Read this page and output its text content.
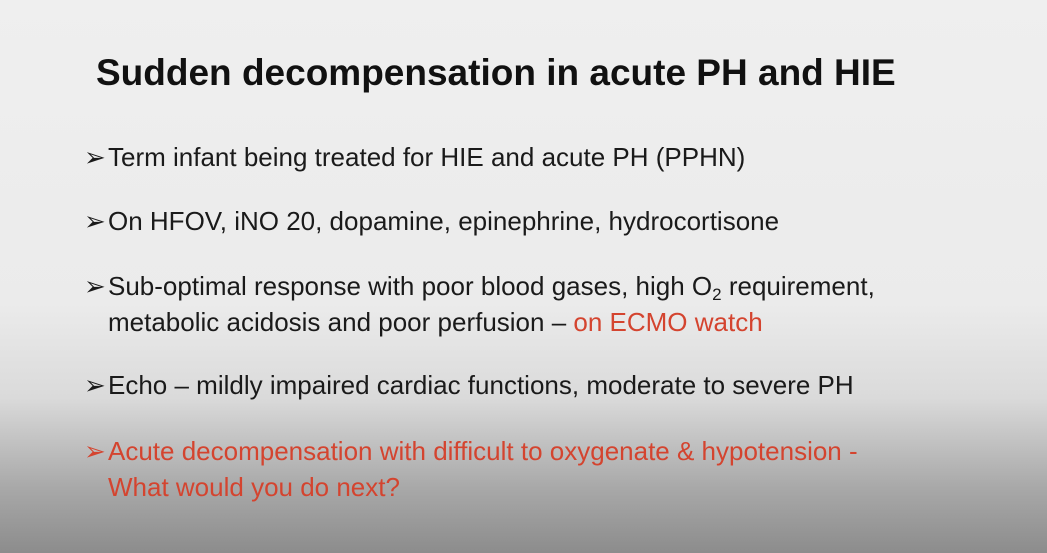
Sudden decompensation in acute PH and HIE
➢ Term infant being treated for HIE and acute PH (PPHN)
➢ On HFOV, iNO 20, dopamine, epinephrine, hydrocortisone
➢ Sub-optimal response with poor blood gases, high $O_2$ requirement,
metabolic acidosis and poor perfusion – on ECMO watch
➢ Echo – mildly impaired cardiac functions, moderate to severe PH
➢ Acute decompensation with difficult to oxygenate & hypotension -
What would you do next?
